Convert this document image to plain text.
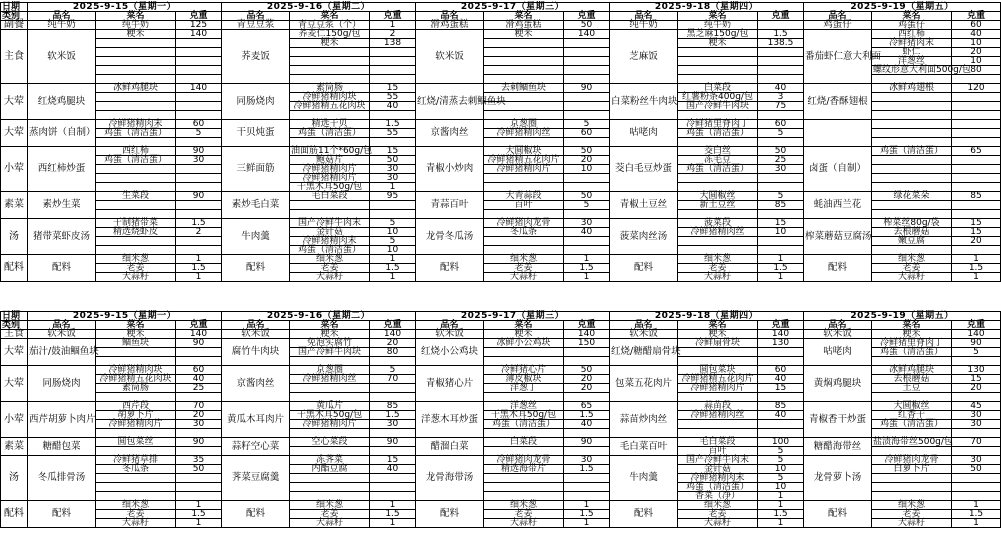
日期	2025-9-15（星期一）			2025-9-16（星期二）			2025-9-17（星期三）			2025-9-18（星期四）			2025-9-19（星期五）		
类别	品名	菜名	克重	品名	菜名	克重	品名	菜名	克重	品名	菜名	克重	品名	菜名	克重
副餐	纯牛奶	纯牛奶	125	青豆豆浆	青豆豆浆（个）	1	滑鸡蛋糕	滑鸡蛋糕	50	纯牛奶	纯牛奶		鸡蛋仔	鸡蛋仔	60
主食	软米饭	粳米	140	荞麦饭	荞麦仁150g/包	2	软米饭	粳米	140	芝麻饭	黑芝麻150g/包	1.5	番茄虾仁意大利面	西红柿	40
					粳米	138					粳米	138.5		冷鲜猪肉末	10
														虾仁	20
														洋葱丝	10
														螺纹形意大利面500g/包	80

大荤	红烧鸡腿块	冰鲜鸡腿块	140	同肠烧肉	素筒肠	15	红烧/清蒸去刺鲴鱼块	去刺鲴鱼块	90	白菜粉丝牛肉块	白菜段	40	红烧/香酥翅根	冰鲜鸡翅根	120
					冷鲜猪精肉块	55					红薯粉条400g/包	3			
					冷鲜猪精五花肉块	40					国产冷鲜牛肉块	75			

大荤	蒸肉饼（自制）	冷鲜猪精肉末	60	干贝炖蛋	精选干贝	1.5	京酱肉丝	京葱圈	5	咕咾肉	冷鲜猪里脊肉丁	60			
		鸡蛋（清洁蛋）	5		鸡蛋（清洁蛋）	55		冷鲜猪精肉丝	60		鸡蛋（清洁蛋）	5			

小荤	西红柿炒蛋	西红柿	90	三鲜面筋	油面筋11个*60g/包	15	青椒小炒肉	大圆椒块	50	茭白毛豆炒蛋	茭白丝	50	卤蛋（自制）	鸡蛋（清洁蛋）	65
		鸡蛋（清洁蛋）	30		鲍菇片	50		冷鲜猪精五花肉片	20		冻毛豆	25			
					冷鲜猪精肉片	30		冷鲜猪精肉片	10		鸡蛋（清洁蛋）	30			
					冷鲜猪精肉片	30									
					干黑木耳50g/包	1									
素菜	素炒生菜	生菜段	90	素炒毛白菜	毛白菜段	95	青蒜百叶	大青蒜段	50	青椒土豆丝	大圆椒丝	5	蚝油西兰花	绿花菜朵	85
								百叶	5		新土豆丝	85			

汤	猪带菜虾皮汤	干制猪带菜	1.5	牛肉羹	国产冷鲜牛肉末	5	龙骨冬瓜汤	冷鲜猪肉龙骨	30	菠菜肉丝汤	菠菜段	15	榨菜蘑菇豆腐汤	榨菜丝80g/袋	15
		精选烧虾皮	2		金针菇	10		冬瓜条	40		冷鲜猪精肉丝	10		去根蘑菇	15
					冷鲜猪精肉末	5								嫩豆腐	20
					鸡蛋（清洁蛋）	10									
配料	配料	细米葱	1	配料	细米葱	1	配料	细米葱	1	配料	细米葱	1	配料	细米葱	1
		老姜	1.5		老姜	1.5		老姜	1.5		老姜	1.5		老姜	1.5
		大蒜籽	1		大蒜籽	1		大蒜籽	1		大蒜籽	1		大蒜籽	1
日期	2025-9-15（星期一）			2025-9-16（星期二）			2025-9-17（星期三）			2025-9-18（星期四）			2025-9-19（星期五）		
类别	品名	菜名	克重	品名	菜名	克重	品名	菜名	克重	品名	菜名	克重	品名	菜名	克重
主食	软米饭	粳米	140	软米饭	粳米	140	软米饭	粳米	140	软米饭	粳米	140	软米饭	粳米	140
大荤	茄汁/鼓油鲴鱼块	鲴鱼块	90	腐竹牛肉块	免泡实腐竹	20	红烧小公鸡块	冰鲜小公鸡块	150	红烧/糖醋扇骨块	冷鲜扇骨块	130	咕咾肉	冷鲜猪里脊肉丁	90
					国产冷鲜牛肉块	80								鸡蛋（清洁蛋）	5

大荤	同肠烧肉	冷鲜猪精肉块	60	京酱肉丝	京葱圈	5	青椒猪心片	冷鲜猪心片	50	包菜五花肉片	圆包菜块	60	黄焖鸡腿块	冰鲜鸡腿块	130
		冷鲜猪精五花肉块	40		冷鲜猪精肉丝	70		薄皮椒块	20		冷鲜猪精五花肉片	40		去根蘑菇	15
		素筒肠	25					洋葱丁	20		冷鲜猪精肉片	15		土豆	20

小荤	西芹胡萝卜肉片	西芹段	70	黄瓜木耳肉片	黄瓜片	85	洋葱木耳炒蛋	洋葱丝	65	蒜苗炒肉丝	蒜苗段	85	青椒香干炒蛋	大圆椒丝	45
		胡萝卜片	20		干黑木耳50g/包	1.5		干黑木耳50g/包	1.5		冷鲜猪精肉丝	40		红香干	30
		冷鲜猪精肉片	30		冷鲜猪精肉片	30		鸡蛋（清洁蛋）	40					鸡蛋（清洁蛋）	30

素菜	糖醋包菜	圆包菜丝	90	蒜籽空心菜	空心菜段	90	醋溜白菜	白菜段	90	毛白菜百叶	毛白菜段	100	糖醋海带丝	盐渍海带丝500g/包	70
											百叶	5			
汤	冬瓜排骨汤	冷鲜猪草排	35	荠菜豆腐羹	冻荠菜	15	龙骨海带汤	冷鲜猪肉龙骨	30	牛肉羹	国产冷鲜牛肉末	5	龙骨萝卜汤	冷鲜猪肉龙骨	30
		冬瓜条	50		内酯豆腐	40		精选海带片	1.5		金针菇	10		白萝卜片	50
											冷鲜猪精肉末	5			
											鸡蛋（清洁蛋）	10			
											香菜（净）	1			
配料	配料	细米葱	1	配料	细米葱	1	配料	细米葱	1	配料	细米葱	1	配料	细米葱	1
		老姜	1.5		老姜	1.5		老姜	1.5		老姜	1.5		老姜	1.5
		大蒜籽	1		大蒜籽	1		大蒜籽	1		大蒜籽	1		大蒜籽	1
